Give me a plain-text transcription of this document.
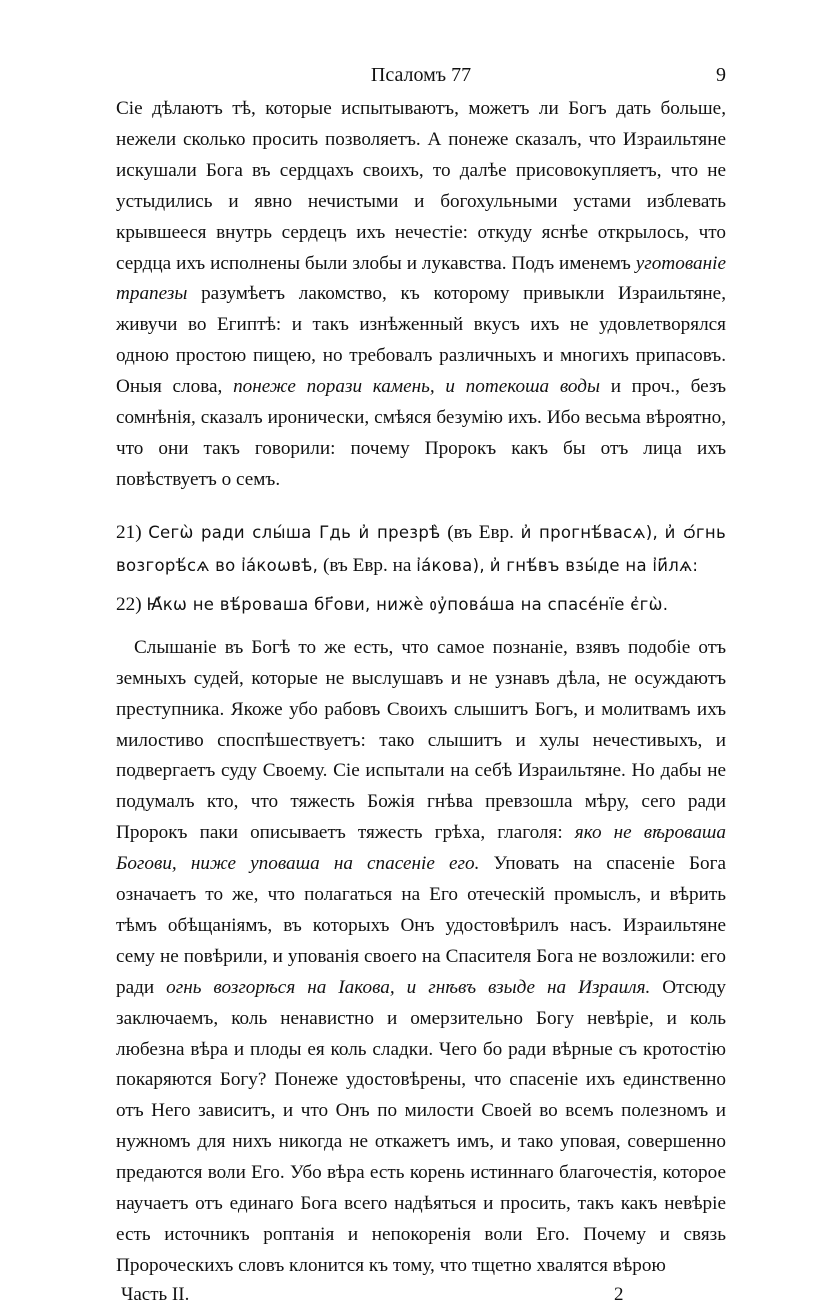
Псаломъ 77	9

Сіе дѣлаютъ тѣ, которые испытываютъ, можетъ ли Богъ дать больше, нежели сколько просить позволяетъ. А понеже сказалъ, что Израильтяне искушали Бога въ сердцахъ своихъ, то далѣе присовокупляетъ, что не устыдились и явно нечистыми и богохульными устами изблевать крывшееся внутрь сердецъ ихъ нечестіе: откуду яснѣе открылось, что сердца ихъ исполнены были злобы и лукавства. Подъ именемъ уготованіе трапезы разумѣетъ лакомство, къ которому привыкли Израильтяне, живучи во Египтѣ: и такъ изнѣженный вкусъ ихъ не удовлетворялся одною простою пищею, но требовалъ различныхъ и многихъ припасовъ. Оныя слова, понеже порази камень, и потекоша воды и проч., безъ сомнѣнія, сказалъ иронически, смѣяся безумію ихъ. Ибо весьма вѣроятно, что они такъ говорили: почему Пророкъ какъ бы отъ лица ихъ повѣствуетъ о семъ.

21) Сегѡ̀ ради слы́ша Гдь и҆ презрѣ̀ (въ Евр. и҆ прогнѣ́васѧ), и҆ ѻ́гнь возгорѣ́сѧ во і҆а́коѡвѣ, (въ Евр. на і҆а́кова), и҆ гнѣ́въ взы́де на і҆и҃лѧ:

22) Ꙗ҆́кѡ не вѣ́роваша бг҃ови, нижѐ ᲂу҆пова́ша на спасе́нїе є҆гѡ̀.

Слышаніе въ Богѣ то же есть, что самое познаніе, взявъ подобіе отъ земныхъ судей, которые не выслушавъ и не узнавъ дѣла, не осуждаютъ преступника. Якоже убо рабовъ Своихъ слышитъ Богъ, и молитвамъ ихъ милостиво споспѣшествуетъ: тако слышитъ и хулы нечестивыхъ, и подвергаетъ суду Своему. Сіе испытали на себѣ Израильтяне. Но дабы не подумалъ кто, что тяжесть Божія гнѣва превзошла мѣру, сего ради Пророкъ паки описываетъ тяжесть грѣха, глаголя: яко не вѣроваша Богови, ниже уповаша на спасеніе его. Уповать на спасеніе Бога означаетъ то же, что полагаться на Его отеческій промыслъ, и вѣрить тѣмъ обѣщаніямъ, въ которыхъ Онъ удостовѣрилъ насъ. Израильтяне сему не повѣрили, и упованія своего на Спасителя Бога не возложили: его ради огнь возгорѣся на Іакова, и гнѣвъ взыде на Израиля. Отсюду заключаемъ, коль ненавистно и омерзительно Богу невѣріе, и коль любезна вѣра и плоды ея коль сладки. Чего бо ради вѣрные съ кротостію покаряются Богу? Понеже удостовѣрены, что спасеніе ихъ единственно отъ Него зависитъ, и что Онъ по милости Своей во всемъ полезномъ и нужномъ для нихъ никогда не откажетъ имъ, и тако уповая, совершенно предаются воли Его. Убо вѣра есть корень истиннаго благочестія, которое научаетъ отъ единаго Бога всего надѣяться и просить, такъ какъ невѣріе есть источникъ роптанія и непокоренія воли Его. Почему и связь Пророческихъ словъ клонится къ тому, что тщетно хвалятся вѣрою

Часть II.	2
